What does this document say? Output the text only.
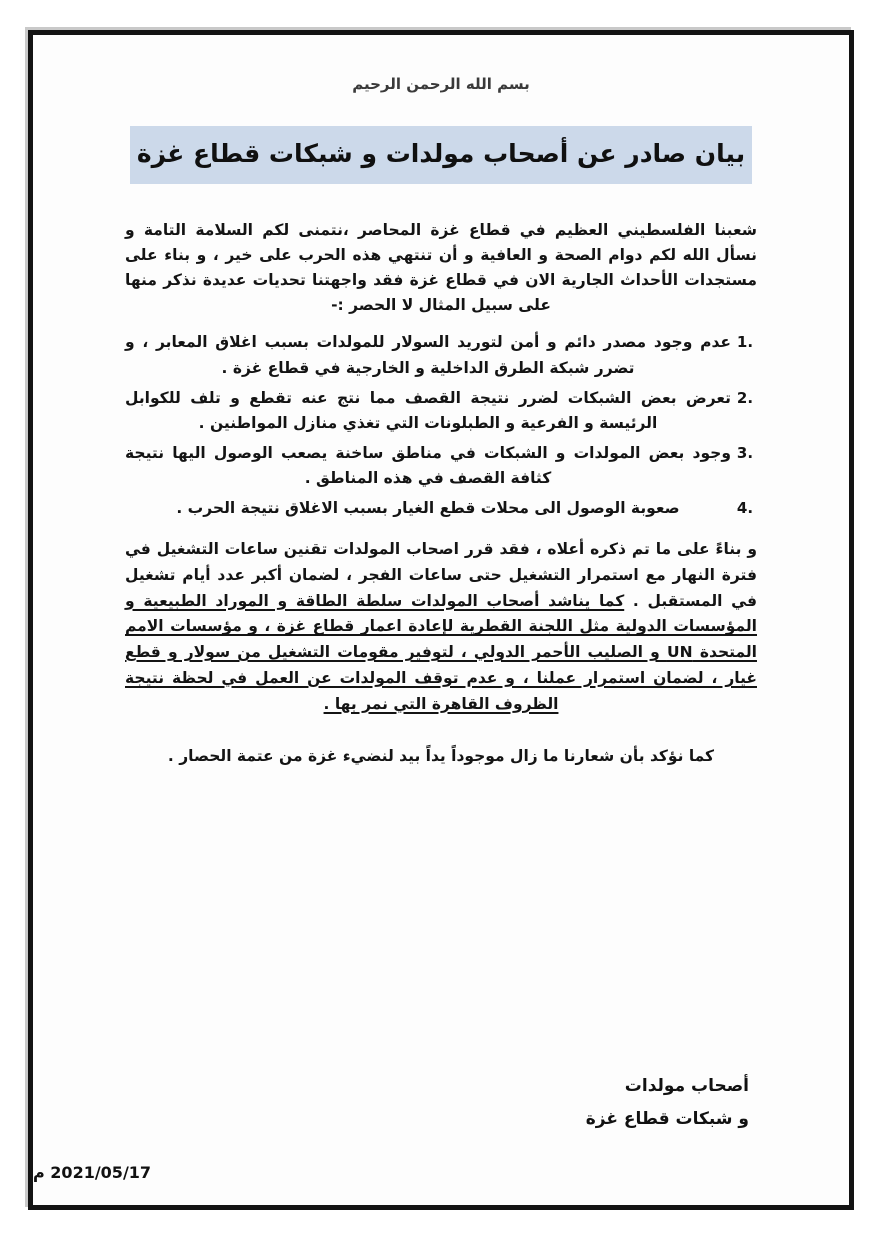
بسم الله الرحمن الرحيم
بيان صادر عن أصحاب مولدات و شبكات قطاع غزة

شعبنا الفلسطيني العظيم في قطاع غزة المحاصر ،نتمنى لكم السلامة التامة و نسأل الله لكم دوام الصحة و العافية و أن تنتهي هذه الحرب على خير ، و بناء على مستجدات الأحداث الجارية الان في قطاع غزة فقد واجهتنا تحديات عديدة نذكر منها على سبيل المثال لا الحصر :-

عدم وجود مصدر دائم و أمن لتوريد السولار للمولدات بسبب اغلاق المعابر ، و تضرر شبكة الطرق الداخلية و الخارجية في قطاع غزة .
تعرض بعض الشبكات لضرر نتيجة القصف مما نتج عنه تقطع و تلف للكوابل الرئيسة و الفرعية و الطبلونات التي تغذي منازل المواطنين .
وجود بعض المولدات و الشبكات في مناطق ساخنة يصعب الوصول اليها نتيجة كثافة القصف في هذه المناطق .
صعوبة الوصول الى محلات قطع الغيار بسبب الاغلاق نتيجة الحرب .

و بناءً على ما تم ذكره أعلاه ، فقد قرر اصحاب المولدات تقنين ساعات التشغيل في فترة النهار مع استمرار التشغيل حتى ساعات الفجر ، لضمان أكبر عدد أيام تشغيل في المستقبل . كما يناشد أصحاب المولدات سلطة الطاقة و الموراد الطبيعية و المؤسسات الدولية مثل اللجنة القطرية لإعادة اعمار قطاع غزة ، و مؤسسات الامم المتحدة UN و الصليب الأحمر الدولي ، لتوفير مقومات التشغيل من سولار و قطع غيار ، لضمان استمرار عملنا ، و عدم توقف المولدات عن العمل في لحظة نتيجة الظروف القاهرة التي نمر بها .

كما نؤكد بأن شعارنا ما زال موجوداً يداً بيد لنضيء غزة من عتمة الحصار .

أصحاب مولدات
و شبكات قطاع غزة
2021/05/17 م
